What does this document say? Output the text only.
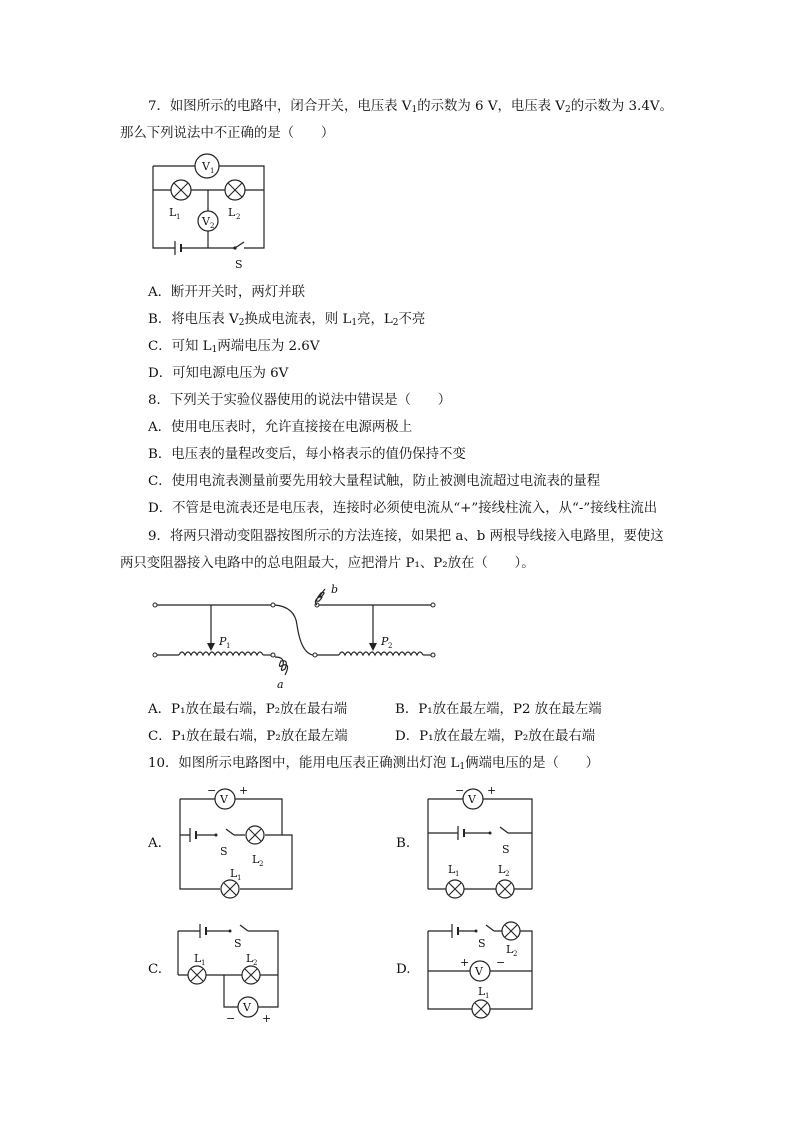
7．如图所示的电路中，闭合开关，电压表 $V_1$的示数为 6 V，电压表 $V_2$的示数为 3.4V。
那么下列说法中不正确的是（　　）
V 1
L 1	L 2
V 2
S
A．断开开关时，两灯并联
B．将电压表 $V_2$换成电流表，则 $L_1$亮，$L_2$不亮
C．可知 $L_1$两端电压为 2.6V
D．可知电源电压为 6V
8．下列关于实验仪器使用的说法中错误是（　　）
A．使用电压表时，允许直接接在电源两极上
B．电压表的量程改变后，每小格表示的值仍保持不变
C．使用电流表测量前要先用较大量程试触，防止被测电流超过电流表的量程
D．不管是电流表还是电压表，连接时必须使电流从“+”接线柱流入，从“-”接线柱流出
9．将两只滑动变阻器按图所示的方法连接，如果把 a、b 两根导线接入电路里，要使这
两只变阻器接入电路中的总电阻最大，应把滑片 P₁、P₂放在（　　）。
P 1
a
b
P 2
A．P₁放在最右端，P₂放在最右端	B．P₁放在最左端，P2 放在最左端
C．P₁放在最右端，P₂放在最左端	D．P₁放在最左端，P₂放在最右端
10．如图所示电路图中，能用电压表正确测出灯泡 $L_1$俩端电压的是（　　）
A.	B.
C.	D.
V
− +
S
L 2
L 1
V
− +
S
L 1	L 2
S
L 1	L 2
V
− +
S L 2
V
+ −
L 1
